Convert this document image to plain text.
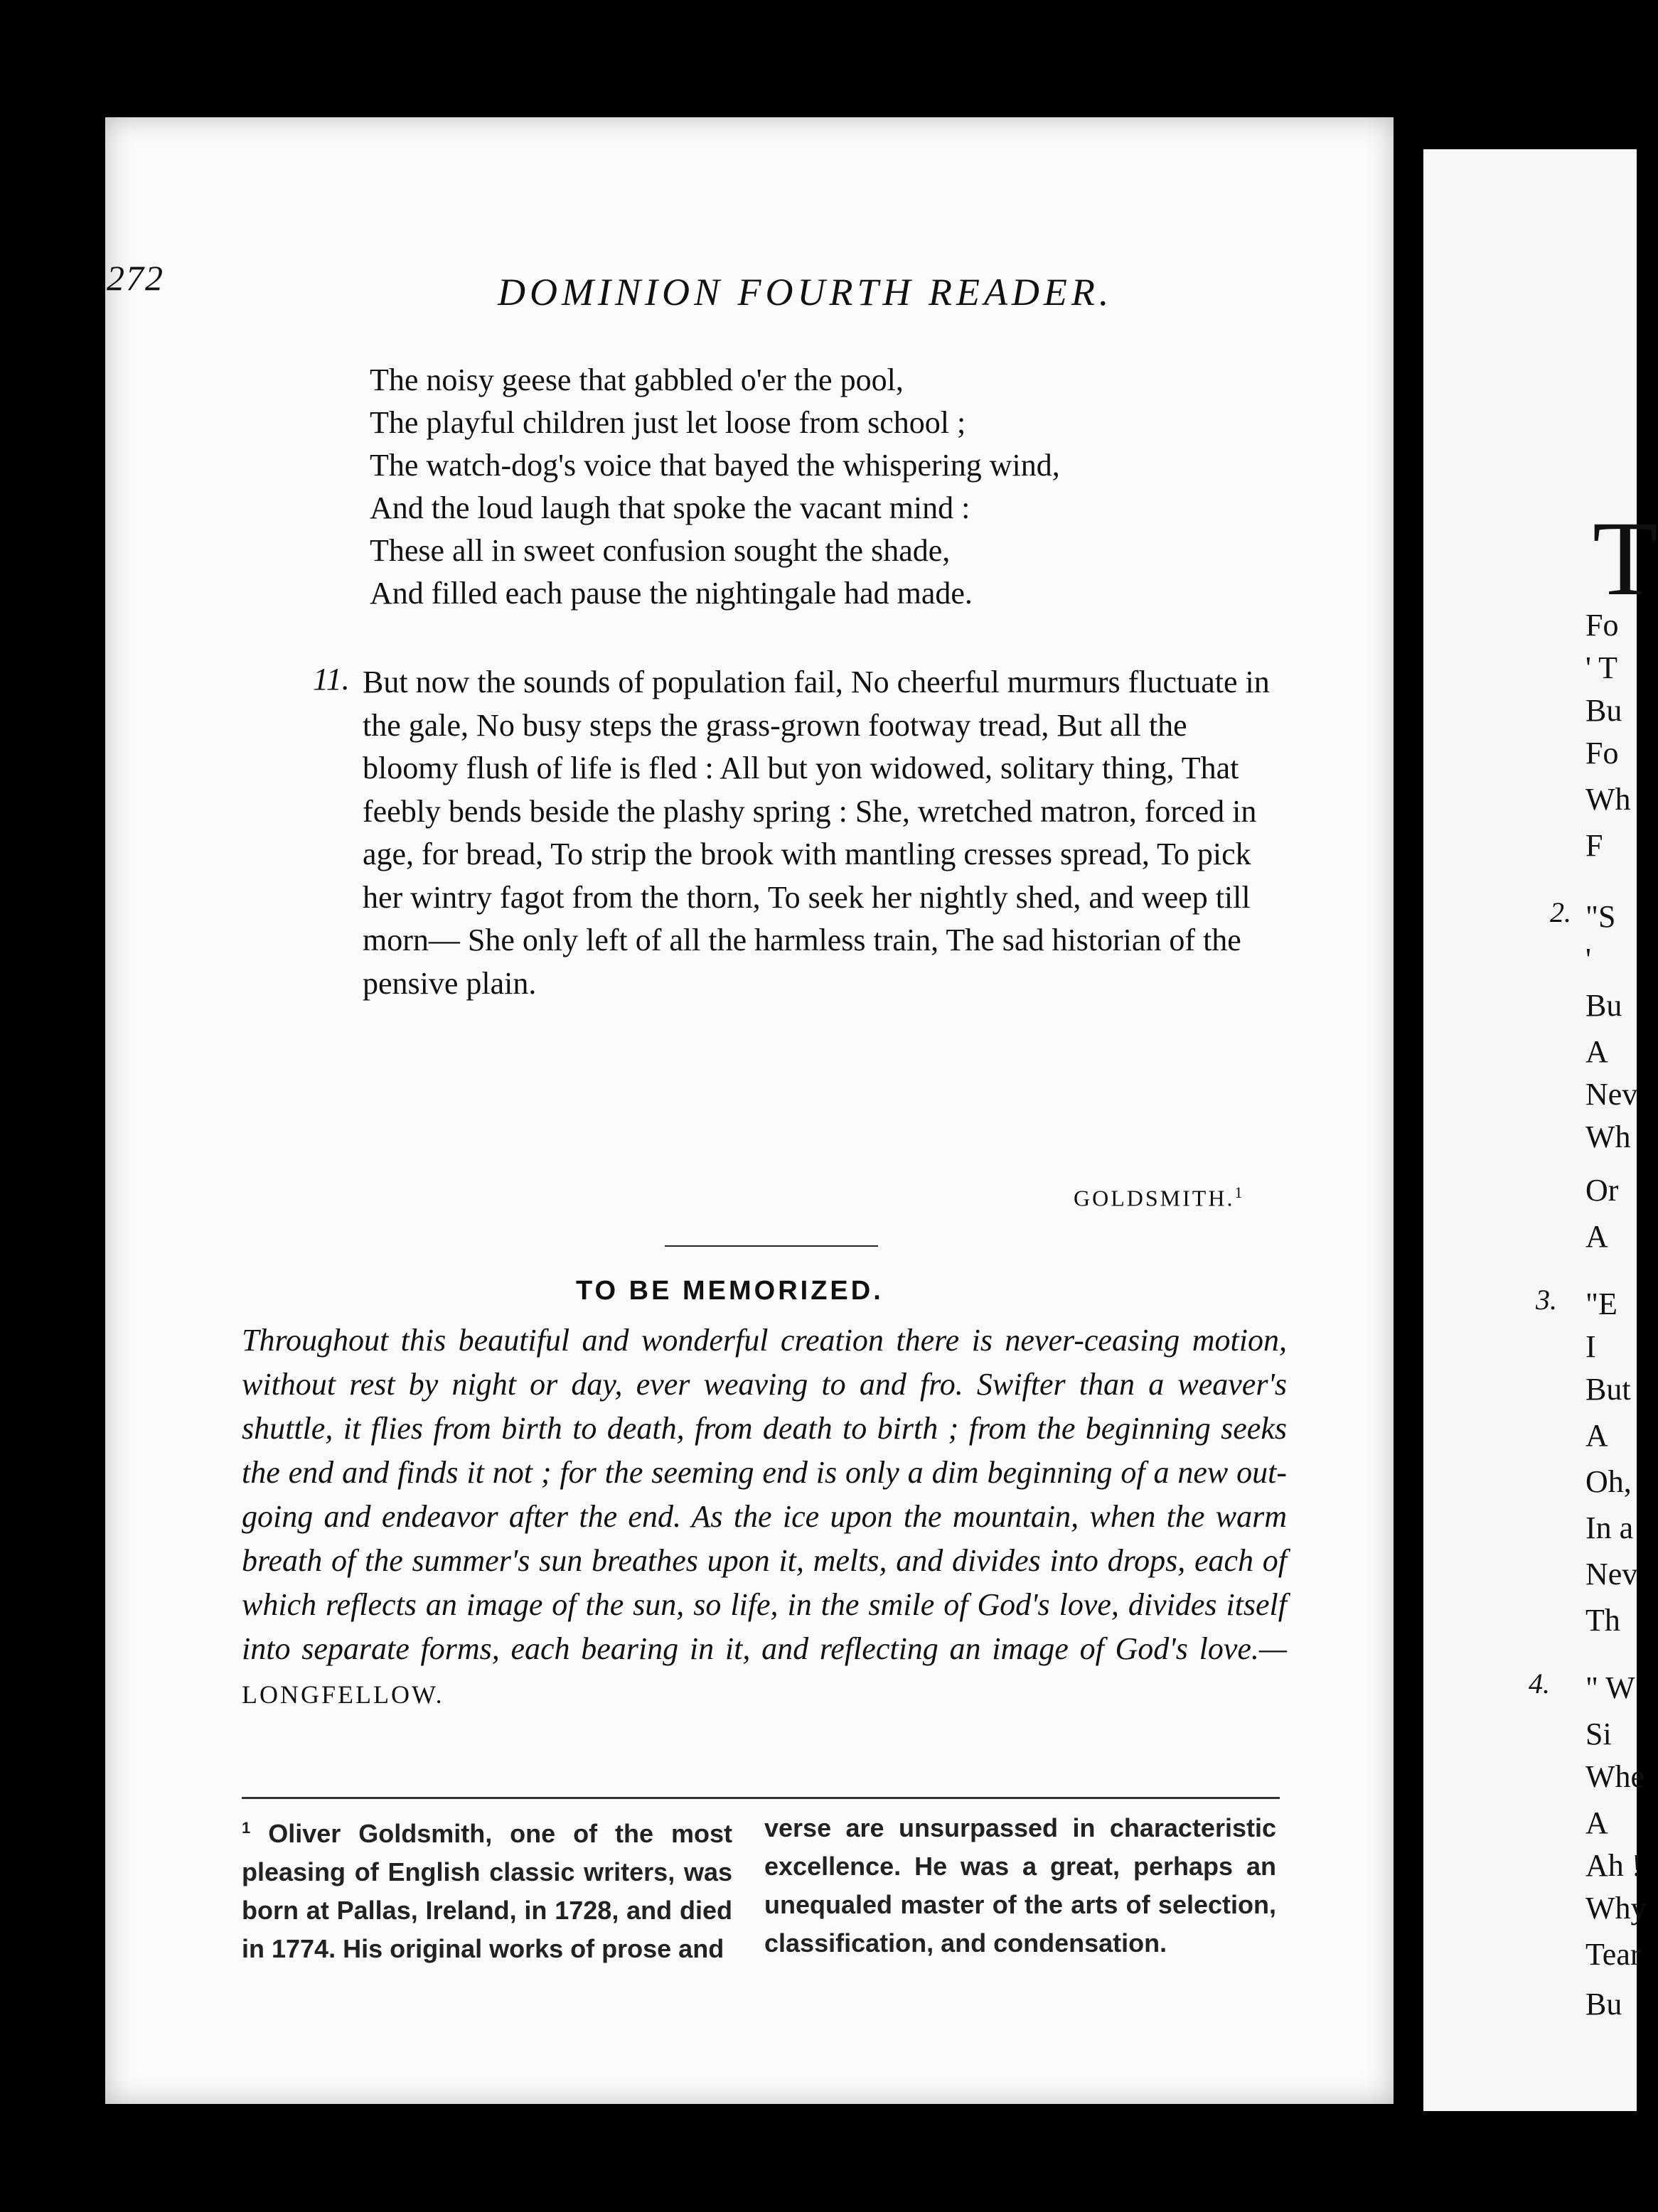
272	DOMINION FOURTH READER.
The noisy geese that gabbled o'er the pool,
The playful children just let loose from school ;
The watch-dog's voice that bayed the whispering wind,
And the loud laugh that spoke the vacant mind :
These all in sweet confusion sought the shade,
And filled each pause the nightingale had made.
11. But now the sounds of population fail, No cheerful murmurs fluctuate in the gale, No busy steps the grass-grown footway tread, But all the bloomy flush of life is fled : All but yon widowed, solitary thing, That feebly bends beside the plashy spring : She, wretched matron, forced in age, for bread, To strip the brook with mantling cresses spread, To pick her wintry fagot from the thorn, To seek her nightly shed, and weep till morn— She only left of all the harmless train, The sad historian of the pensive plain.
GOLDSMITH.$^1$
TO BE MEMORIZED.
Throughout this beautiful and wonderful creation there is never-ceasing motion, without rest by night or day, ever weaving to and fro. Swifter than a weaver's shuttle, it flies from birth to death, from death to birth ; from the beginning seeks the end and finds it not ; for the seeming end is only a dim beginning of a new out-going and endeavor after the end. As the ice upon the mountain, when the warm breath of the summer's sun breathes upon it, melts, and divides into drops, each of which reflects an image of the sun, so life, in the smile of God's love, divides itself into separate forms, each bearing in it, and reflecting an image of God's love.—LONGFELLOW.
$^1$ Oliver Goldsmith, one of the most pleasing of English classic writers, was born at Pallas, Ireland, in 1728, and died in 1774. His original works of prose and
verse are unsurpassed in characteristic excellence. He was a great, perhaps an unequaled master of the arts of selection, classification, and condensation.
T
Fo
' T
Bu
Fo
Wh
F
2. "S
'
Bu
A
Nev
Wh
Or
A
3. "E
I
But
A
Oh,
In a
Nev
Th
4. " W
Si
Whe
A
Ah !
Why
Tear
Bu
